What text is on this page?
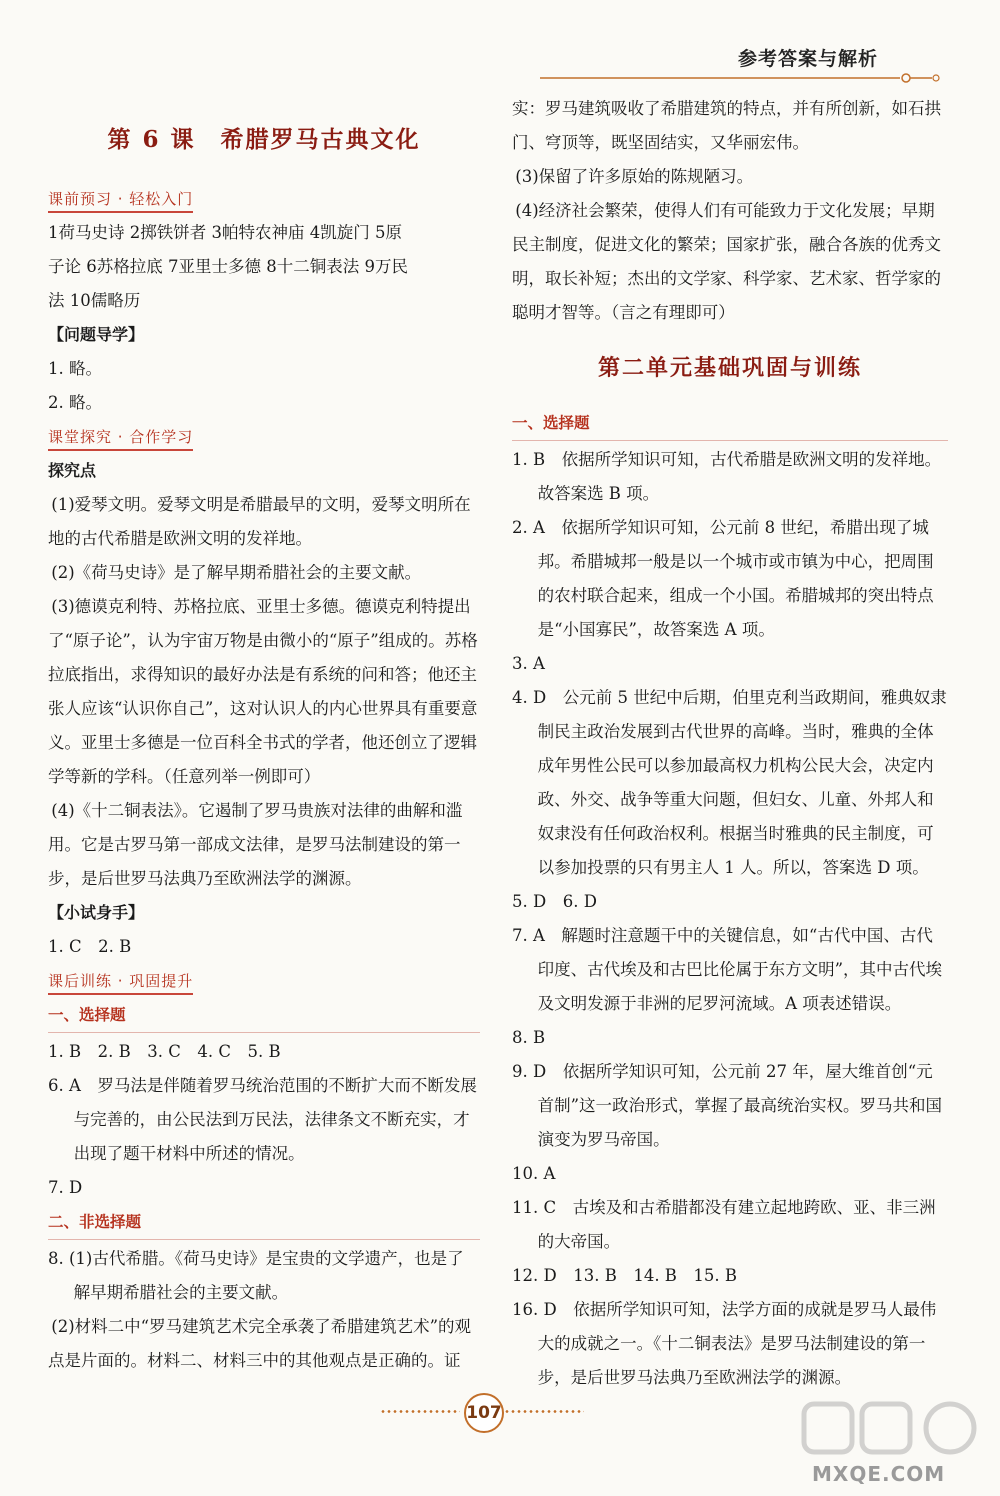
参考答案与解析
第 6 课　希腊罗马古典文化
课前预习 · 轻松入门

1荷马史诗 2掷铁饼者 3帕特农神庙 4凯旋门 5原

子论 6苏格拉底 7亚里士多德 8十二铜表法 9万民

法 10儒略历

【问题导学】

1. 略。

2. 略。

课堂探究 · 合作学习

探究点

(1)爱琴文明。爱琴文明是希腊最早的文明，爱琴文明所在地的古代希腊是欧洲文明的发祥地。

(2)《荷马史诗》是了解早期希腊社会的主要文献。

(3)德谟克利特、苏格拉底、亚里士多德。德谟克利特提出了“原子论”，认为宇宙万物是由微小的“原子”组成的。苏格拉底指出，求得知识的最好办法是有系统的问和答；他还主张人应该“认识你自己”，这对认识人的内心世界具有重要意义。亚里士多德是一位百科全书式的学者，他还创立了逻辑学等新的学科。（任意列举一例即可）

(4)《十二铜表法》。它遏制了罗马贵族对法律的曲解和滥用。它是古罗马第一部成文法律，是罗马法制建设的第一步，是后世罗马法典乃至欧洲法学的渊源。

【小试身手】

1. C　2. B

课后训练 · 巩固提升

一、选择题

1. B　2. B　3. C　4. C　5. B

6. A　罗马法是伴随着罗马统治范围的不断扩大而不断发展与完善的，由公民法到万民法，法律条文不断充实，才出现了题干材料中所述的情况。

7. D

二、非选择题

8. (1)古代希腊。《荷马史诗》是宝贵的文学遗产，也是了解早期希腊社会的主要文献。

(2)材料二中“罗马建筑艺术完全承袭了希腊建筑艺术”的观点是片面的。材料二、材料三中的其他观点是正确的。证

实：罗马建筑吸收了希腊建筑的特点，并有所创新，如石拱门、穹顶等，既坚固结实，又华丽宏伟。

(3)保留了许多原始的陈规陋习。

(4)经济社会繁荣，使得人们有可能致力于文化发展；早期民主制度，促进文化的繁荣；国家扩张，融合各族的优秀文明，取长补短；杰出的文学家、科学家、艺术家、哲学家的聪明才智等。（言之有理即可）

第二单元基础巩固与训练

一、选择题

1. B　依据所学知识可知，古代希腊是欧洲文明的发祥地。故答案选 B 项。

2. A　依据所学知识可知，公元前 8 世纪，希腊出现了城邦。希腊城邦一般是以一个城市或市镇为中心，把周围的农村联合起来，组成一个小国。希腊城邦的突出特点是“小国寡民”，故答案选 A 项。

3. A

4. D　公元前 5 世纪中后期，伯里克利当政期间，雅典奴隶制民主政治发展到古代世界的高峰。当时，雅典的全体成年男性公民可以参加最高权力机构公民大会，决定内政、外交、战争等重大问题，但妇女、儿童、外邦人和奴隶没有任何政治权利。根据当时雅典的民主制度，可以参加投票的只有男主人 1 人。所以，答案选 D 项。

5. D　6. D

7. A　解题时注意题干中的关键信息，如“古代中国、古代印度、古代埃及和古巴比伦属于东方文明”，其中古代埃及文明发源于非洲的尼罗河流域。A 项表述错误。

8. B

9. D　依据所学知识可知，公元前 27 年，屋大维首创“元首制”这一政治形式，掌握了最高统治实权。罗马共和国演变为罗马帝国。

10. A

11. C　古埃及和古希腊都没有建立起地跨欧、亚、非三洲的大帝国。

12. D　13. B　14. B　15. B

16. D　依据所学知识可知，法学方面的成就是罗马人最伟大的成就之一。《十二铜表法》是罗马法制建设的第一步，是后世罗马法典乃至欧洲法学的渊源。

107
MXQE.COM
